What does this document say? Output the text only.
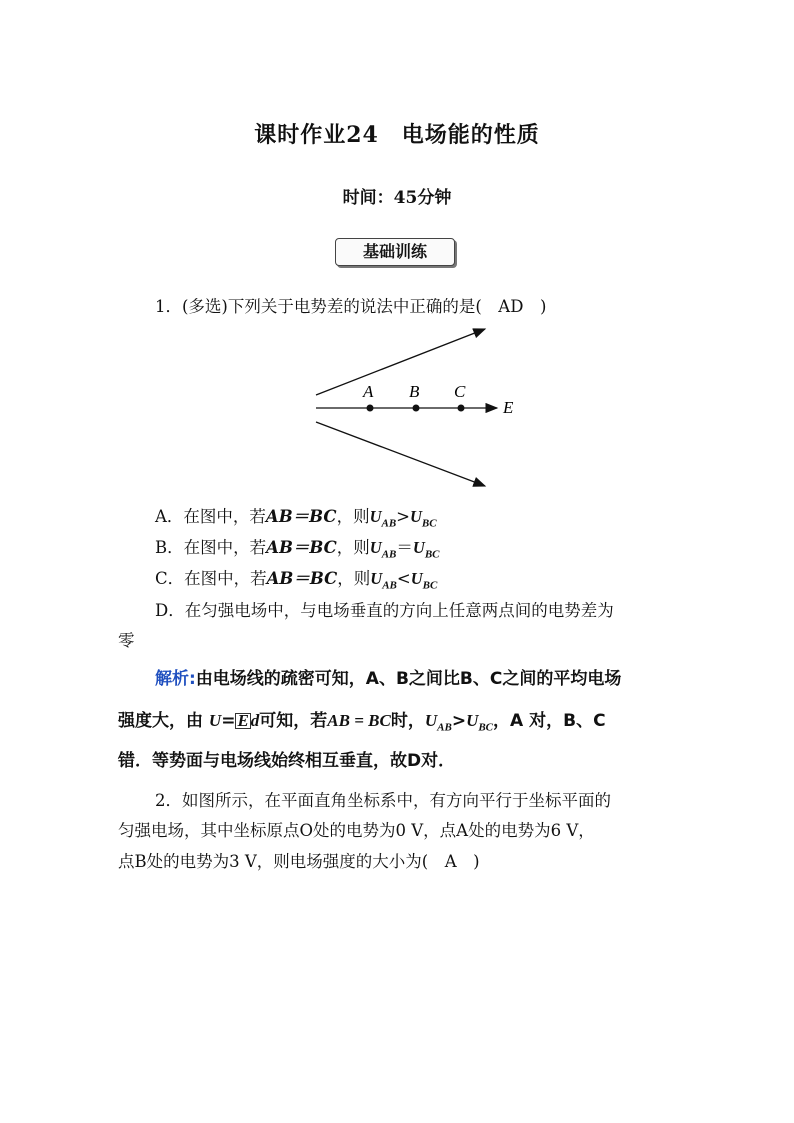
课时作业24　电场能的性质
时间：45分钟
基础训练
1．(多选)下列关于电势差的说法中正确的是(　AD　)
A B C
E
A．在图中，若AB＝BC，则$U_{AB}>U_{BC}$
B．在图中，若AB＝BC，则$U_{AB}=U_{BC}$
C．在图中，若AB＝BC，则$U_{AB}<U_{BC}$
D．在匀强电场中，与电场垂直的方向上任意两点间的电势差为
零
解析:由电场线的疏密可知，A、B之间比B、C之间的平均电场
强度大，由 U= E d可知，若AB = BC时，$U_{AB}>U_{BC}$，A 对，B、C
错．等势面与电场线始终相互垂直，故D对．
2．如图所示，在平面直角坐标系中，有方向平行于坐标平面的
匀强电场，其中坐标原点O处的电势为0 V，点A处的电势为6 V，
点B处的电势为3 V，则电场强度的大小为(　A　)
